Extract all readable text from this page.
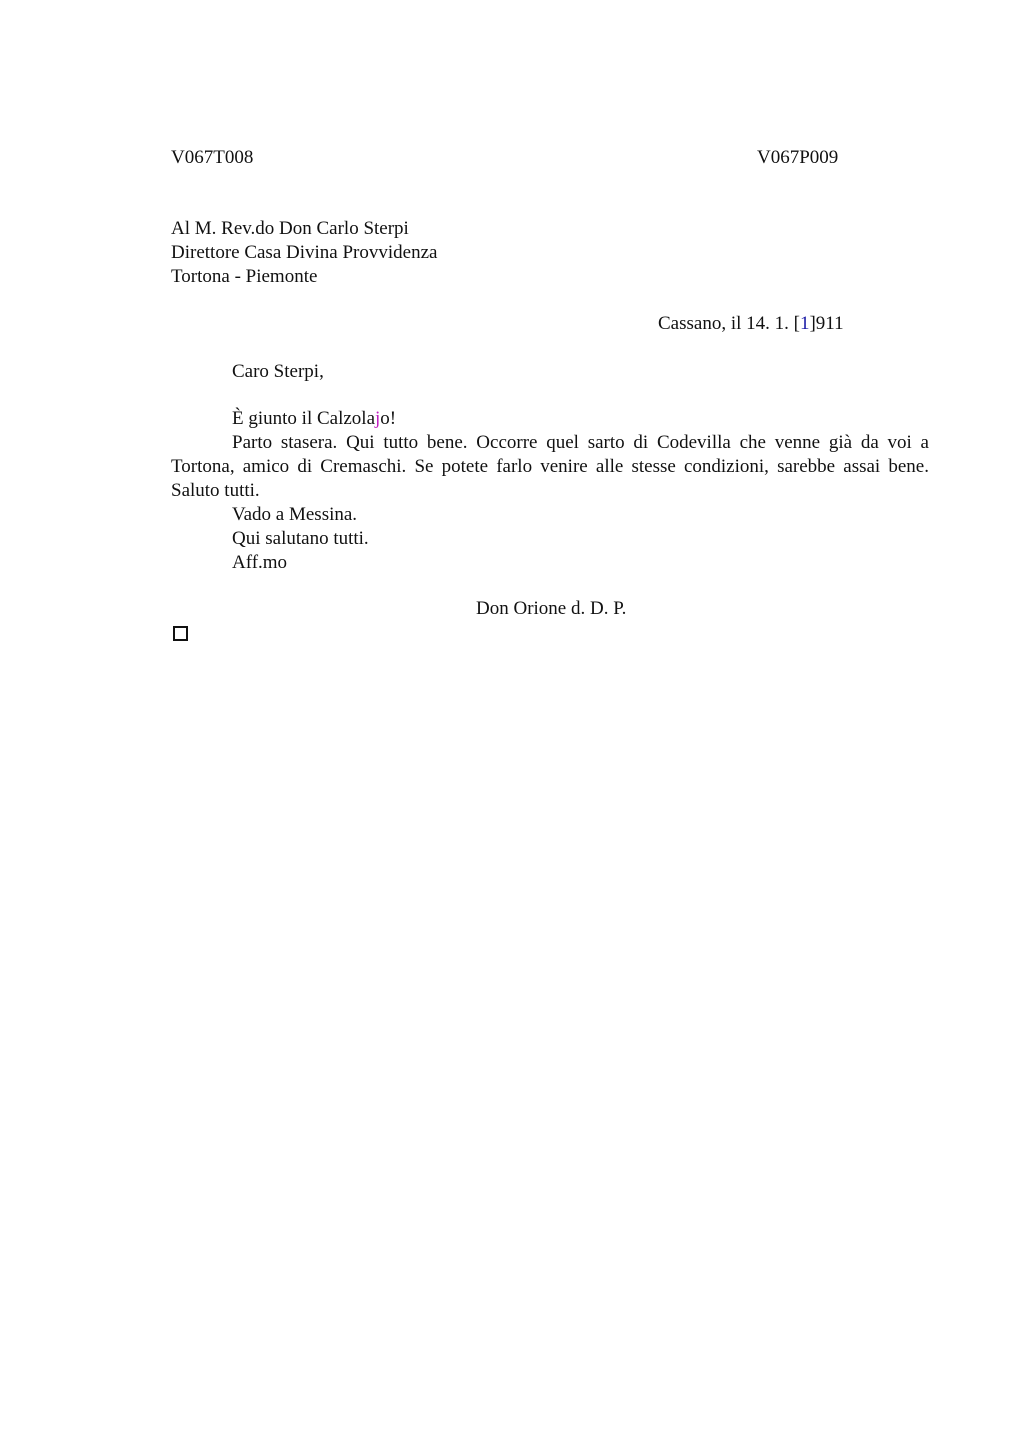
V067T008	V067P009
Al M. Rev.do Don Carlo Sterpi
Direttore Casa Divina Provvidenza
Tortona - Piemonte
Cassano, il 14. 1. [1]911
Caro Sterpi,
È giunto il Calzolajo!

Parto stasera. Qui tutto bene. Occorre quel sarto di Codevilla che venne già da voi a Tortona, amico di Cremaschi. Se potete farlo venire alle stesse condizioni, sarebbe assai bene. Saluto tutti.

Vado a Messina.
Qui salutano tutti.
Aff.mo
Don Orione d. D. P.
